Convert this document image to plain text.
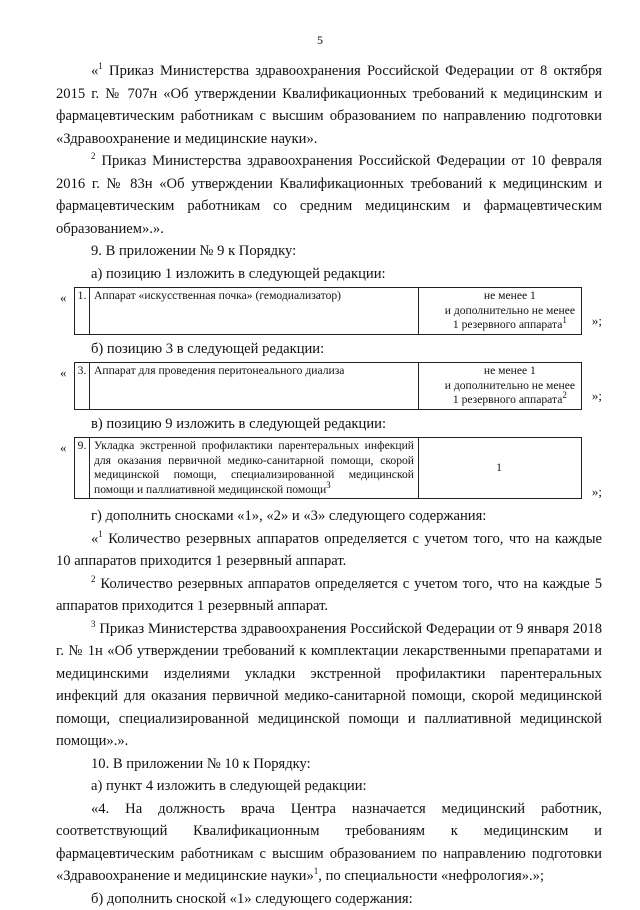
5

«$^1$ Приказ Министерства здравоохранения Российской Федерации от 8 октября 2015 г. № 707н «Об утверждении Квалификационных требований к медицинским и фармацевтическим работникам с высшим образованием по направлению подготовки «Здравоохранение и медицинские науки».

$^2$ Приказ Министерства здравоохранения Российской Федерации от 10 февраля 2016 г. № 83н «Об утверждении Квалификационных требований к медицинским и фармацевтическим работникам со средним медицинским и фармацевтическим образованием».».

9. В приложении № 9 к Порядку:

а) позицию 1 изложить в следующей редакции:

« 1.	Аппарат «искусственная почка» (гемодиализатор)	не менее 1
и дополнительно не менее
1 резервного аппарата$^1$ »;

б) позицию 3 в следующей редакции:

« 3.	Аппарат для проведения перитонеального диализа	не менее 1
и дополнительно не менее
1 резервного аппарата$^2$ »;

в) позицию 9 изложить в следующей редакции:

« 9.	Укладка экстренной профилактики парентеральных инфекций для оказания первичной медико-санитарной помощи, скорой медицинской помощи, специализированной медицинской помощи и паллиативной медицинской помощи$^3$	1
»;

г) дополнить сносками «1», «2» и «3» следующего содержания:

«$^1$ Количество резервных аппаратов определяется с учетом того, что на каждые 10 аппаратов приходится 1 резервный аппарат.

$^2$ Количество резервных аппаратов определяется с учетом того, что на каждые 5 аппаратов приходится 1 резервный аппарат.

$^3$ Приказ Министерства здравоохранения Российской Федерации от 9 января 2018 г. № 1н «Об утверждении требований к комплектации лекарственными препаратами и медицинскими изделиями укладки экстренной профилактики парентеральных инфекций для оказания первичной медико-санитарной помощи, скорой медицинской помощи, специализированной медицинской помощи и паллиативной медицинской помощи».».

10. В приложении № 10 к Порядку:

а) пункт 4 изложить в следующей редакции:

«4. На должность врача Центра назначается медицинский работник, соответствующий Квалификационным требованиям к медицинским и фармацевтическим работникам с высшим образованием по направлению подготовки «Здравоохранение и медицинские науки»$^1$, по специальности «нефрология».»;

б) дополнить сноской «1» следующего содержания:
